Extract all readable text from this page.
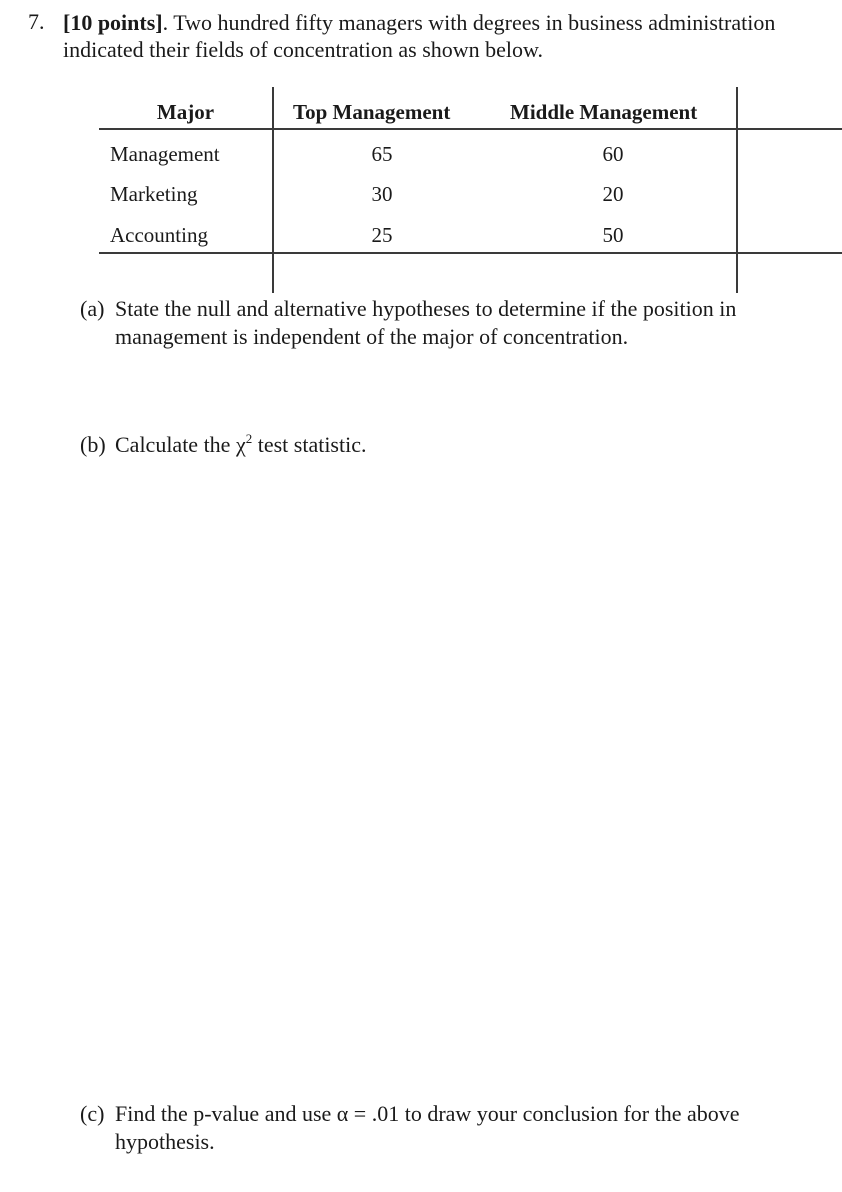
7. [10 points]. Two hundred fifty managers with degrees in business administration indicated their fields of concentration as shown below.
Major	Top Management	Middle Management
Management	65	60
Marketing	30	20
Accounting	25	50
(a) State the null and alternative hypotheses to determine if the position in management is independent of the major of concentration.
(b) Calculate the $\chi^2$ test statistic.
(c) Find the p-value and use α = .01 to draw your conclusion for the above hypothesis.
